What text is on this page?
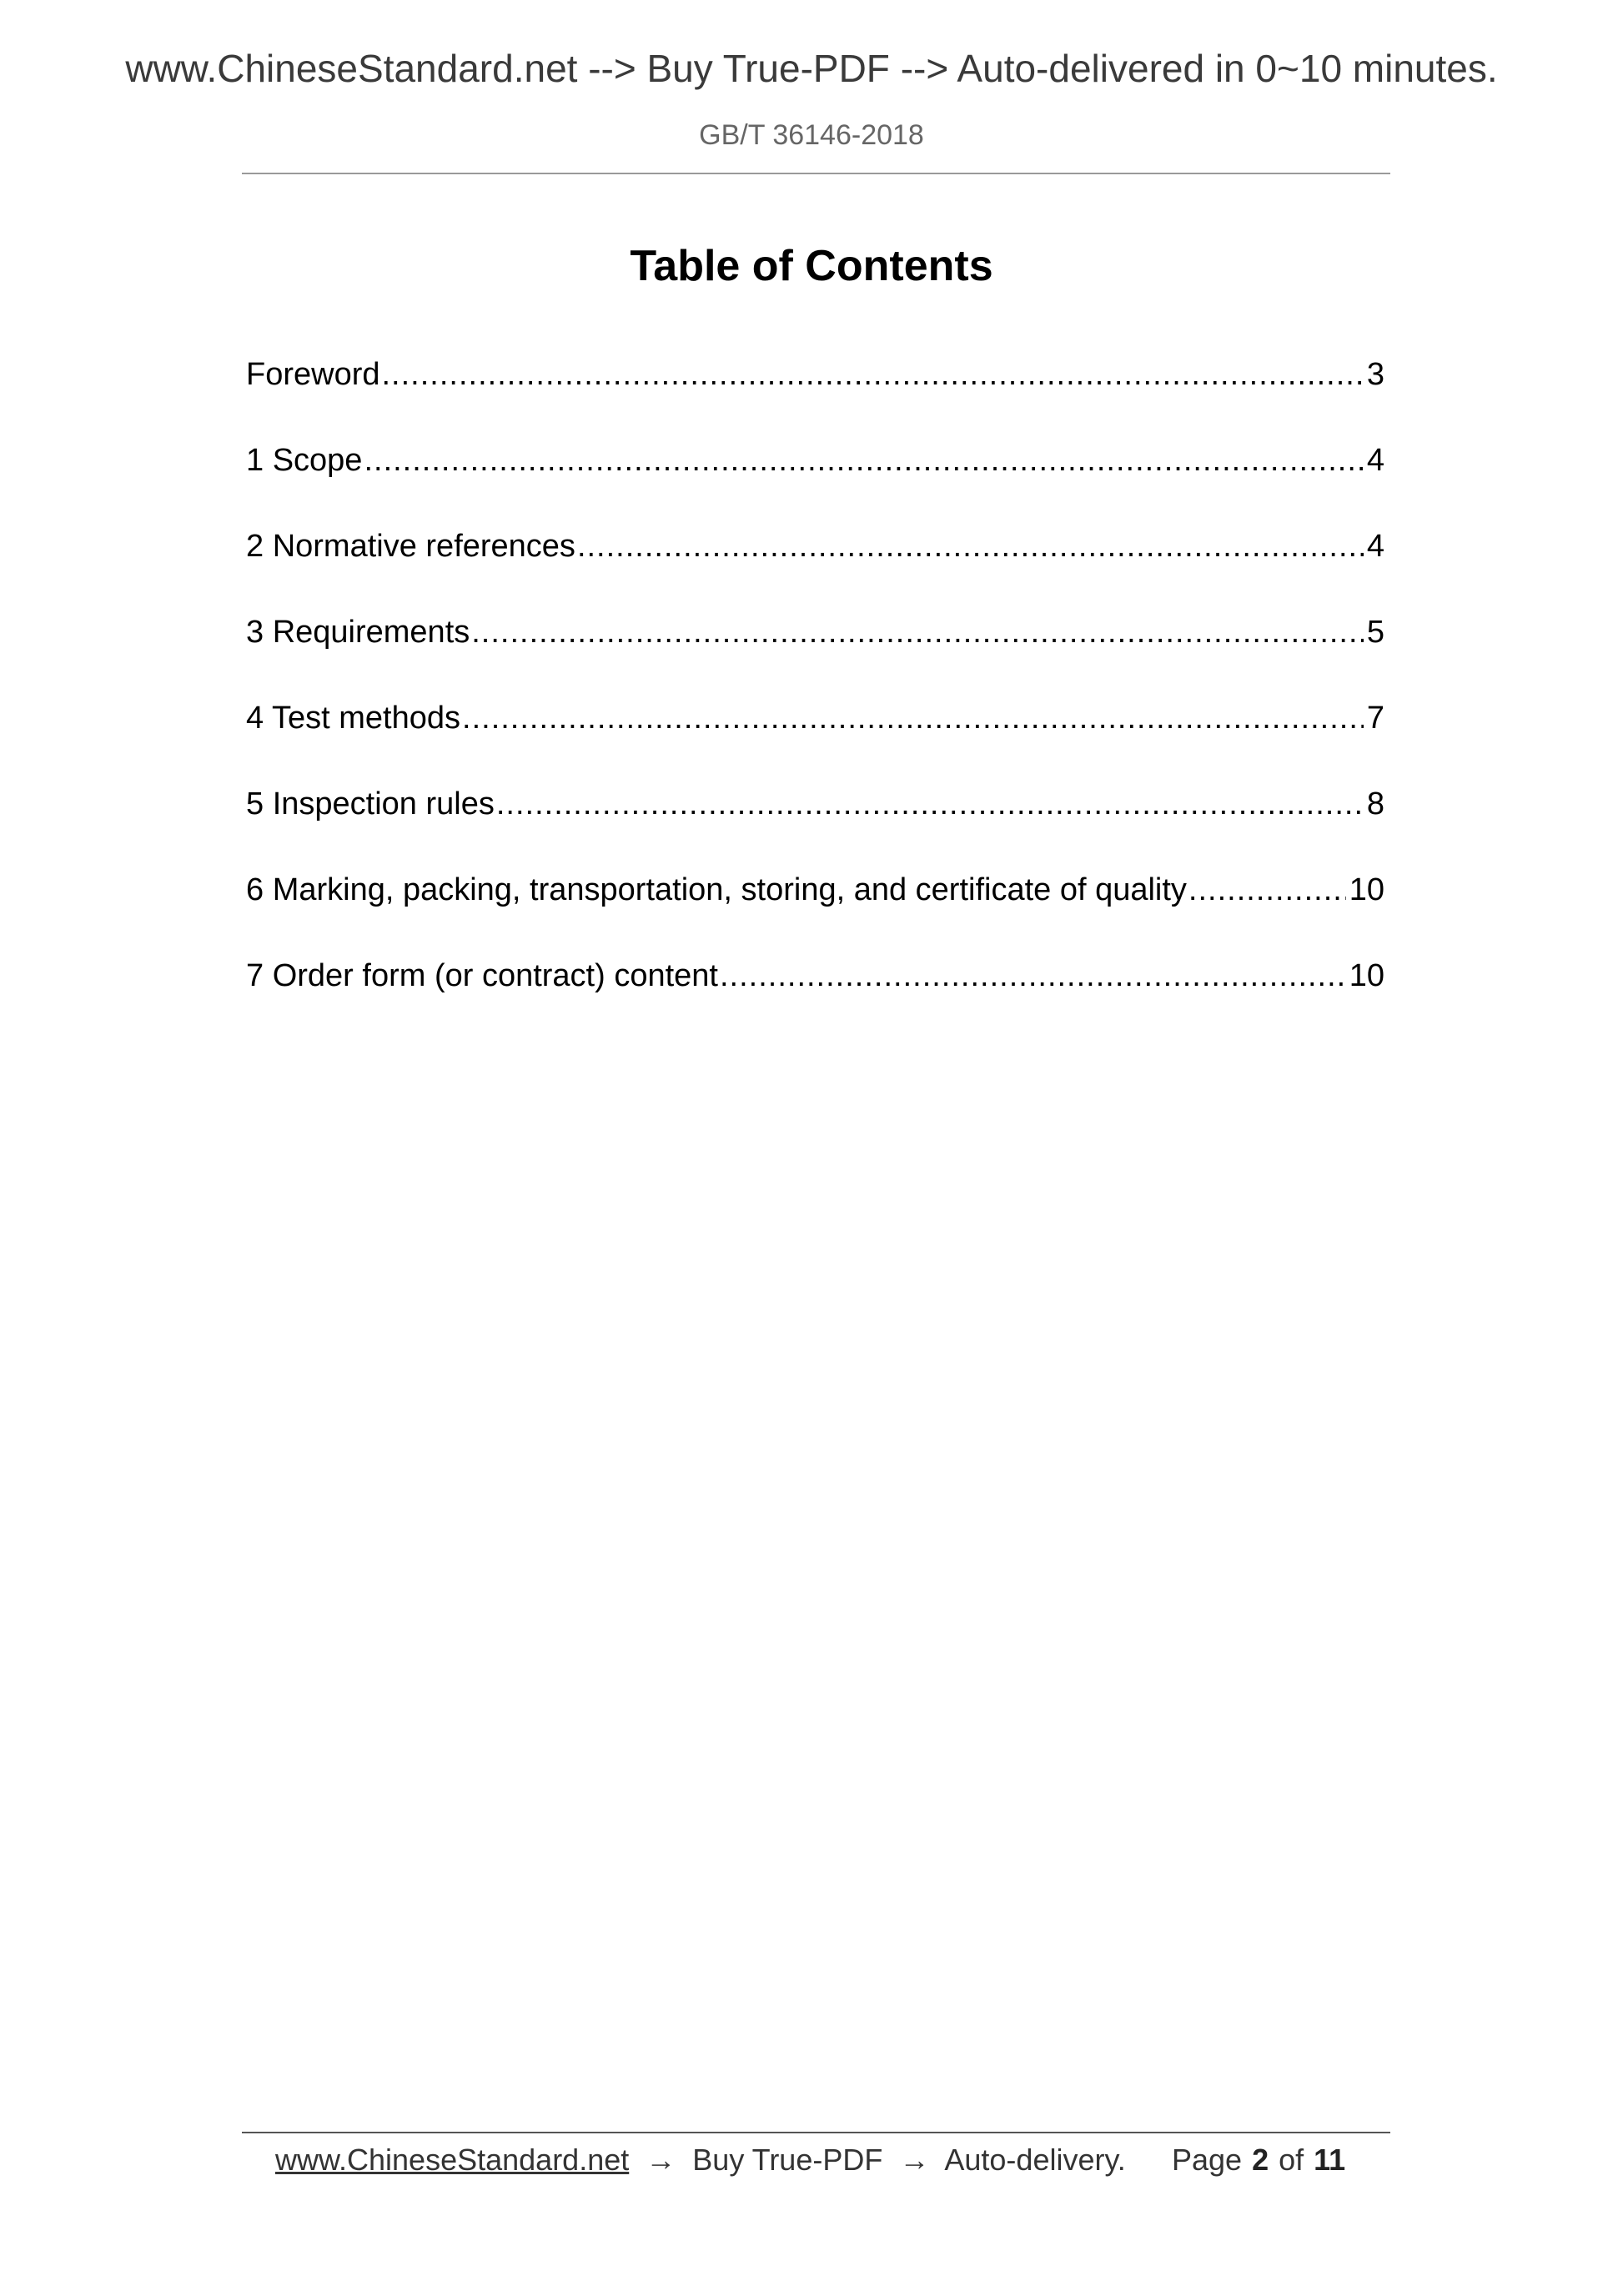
www.ChineseStandard.net --> Buy True-PDF --> Auto-delivered in 0~10 minutes.
GB/T 36146-2018
Table of Contents
Foreword .....	3
1 Scope .....	4
2 Normative references .....	4
3 Requirements .....	5
4 Test methods .....	7
5 Inspection rules .....	8
6 Marking, packing, transportation, storing, and certificate of quality .....	10
7 Order form (or contract) content .....	10
www.ChineseStandard.net → Buy True-PDF → Auto-delivery. Page 2 of 11
